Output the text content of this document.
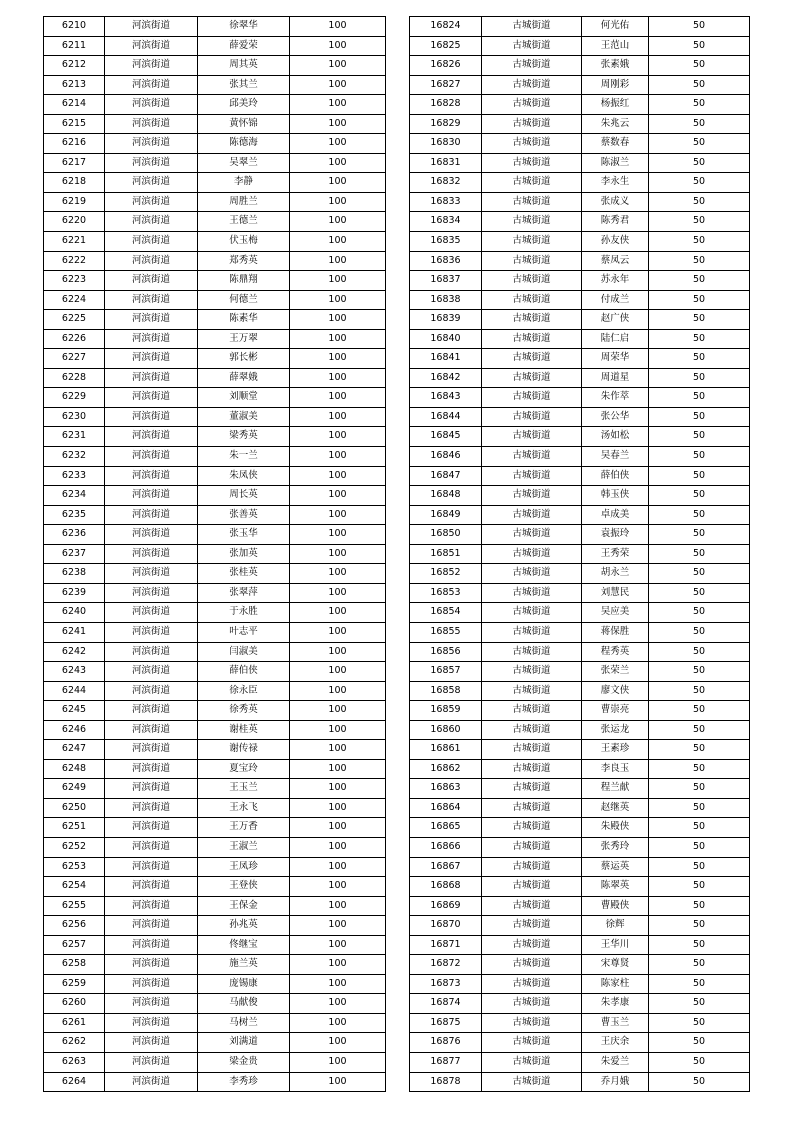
6210	河滨街道	徐翠华	100
6211	河滨街道	薛爱荣	100
6212	河滨街道	周其英	100
6213	河滨街道	张其兰	100
6214	河滨街道	邱美玲	100
6215	河滨街道	黄怀锦	100
6216	河滨街道	陈德海	100
6217	河滨街道	吴翠兰	100
6218	河滨街道	李静	100
6219	河滨街道	周胜兰	100
6220	河滨街道	王德兰	100
6221	河滨街道	伏玉梅	100
6222	河滨街道	郑秀英	100
6223	河滨街道	陈鼎翔	100
6224	河滨街道	何德兰	100
6225	河滨街道	陈素华	100
6226	河滨街道	王万翠	100
6227	河滨街道	郭长彬	100
6228	河滨街道	薛翠娥	100
6229	河滨街道	刘顺堂	100
6230	河滨街道	董淑美	100
6231	河滨街道	梁秀英	100
6232	河滨街道	朱一兰	100
6233	河滨街道	朱凤侠	100
6234	河滨街道	周长英	100
6235	河滨街道	张善英	100
6236	河滨街道	张玉华	100
6237	河滨街道	张加英	100
6238	河滨街道	张桂英	100
6239	河滨街道	张翠萍	100
6240	河滨街道	于永胜	100
6241	河滨街道	叶志平	100
6242	河滨街道	闫淑美	100
6243	河滨街道	薛伯侠	100
6244	河滨街道	徐永臣	100
6245	河滨街道	徐秀英	100
6246	河滨街道	谢桂英	100
6247	河滨街道	谢传禄	100
6248	河滨街道	夏宝玲	100
6249	河滨街道	王玉兰	100
6250	河滨街道	王永飞	100
6251	河滨街道	王万香	100
6252	河滨街道	王淑兰	100
6253	河滨街道	王凤珍	100
6254	河滨街道	王登侠	100
6255	河滨街道	王保金	100
6256	河滨街道	孙兆英	100
6257	河滨街道	佟继宝	100
6258	河滨街道	施兰英	100
6259	河滨街道	庞锡康	100
6260	河滨街道	马献俊	100
6261	河滨街道	马树兰	100
6262	河滨街道	刘满道	100
6263	河滨街道	梁金贵	100
6264	河滨街道	李秀珍	100
16824	古城街道	何光佑	50
16825	古城街道	王范山	50
16826	古城街道	张素娥	50
16827	古城街道	周刚彩	50
16828	古城街道	杨振红	50
16829	古城街道	朱兆云	50
16830	古城街道	蔡数春	50
16831	古城街道	陈淑兰	50
16832	古城街道	李永生	50
16833	古城街道	张成义	50
16834	古城街道	陈秀君	50
16835	古城街道	孙友侠	50
16836	古城街道	蔡凤云	50
16837	古城街道	苏永年	50
16838	古城街道	付成兰	50
16839	古城街道	赵广侠	50
16840	古城街道	陆仁启	50
16841	古城街道	周荣华	50
16842	古城街道	周道星	50
16843	古城街道	朱作萃	50
16844	古城街道	张公华	50
16845	古城街道	汤如松	50
16846	古城街道	吴春兰	50
16847	古城街道	薛伯侠	50
16848	古城街道	韩玉侠	50
16849	古城街道	卓成美	50
16850	古城街道	袁振玲	50
16851	古城街道	王秀荣	50
16852	古城街道	胡永兰	50
16853	古城街道	刘慧民	50
16854	古城街道	吴应美	50
16855	古城街道	蒋保胜	50
16856	古城街道	程秀英	50
16857	古城街道	张荣兰	50
16858	古城街道	廖文侠	50
16859	古城街道	曹崇亮	50
16860	古城街道	张运龙	50
16861	古城街道	王素珍	50
16862	古城街道	李良玉	50
16863	古城街道	程兰献	50
16864	古城街道	赵继英	50
16865	古城街道	朱殿侠	50
16866	古城街道	张秀玲	50
16867	古城街道	蔡运英	50
16868	古城街道	陈翠英	50
16869	古城街道	曹殿侠	50
16870	古城街道	徐辉	50
16871	古城街道	王华川	50
16872	古城街道	宋尊贤	50
16873	古城街道	陈家柱	50
16874	古城街道	朱孝康	50
16875	古城街道	曹玉兰	50
16876	古城街道	王庆余	50
16877	古城街道	朱爱兰	50
16878	古城街道	乔月娥	50
